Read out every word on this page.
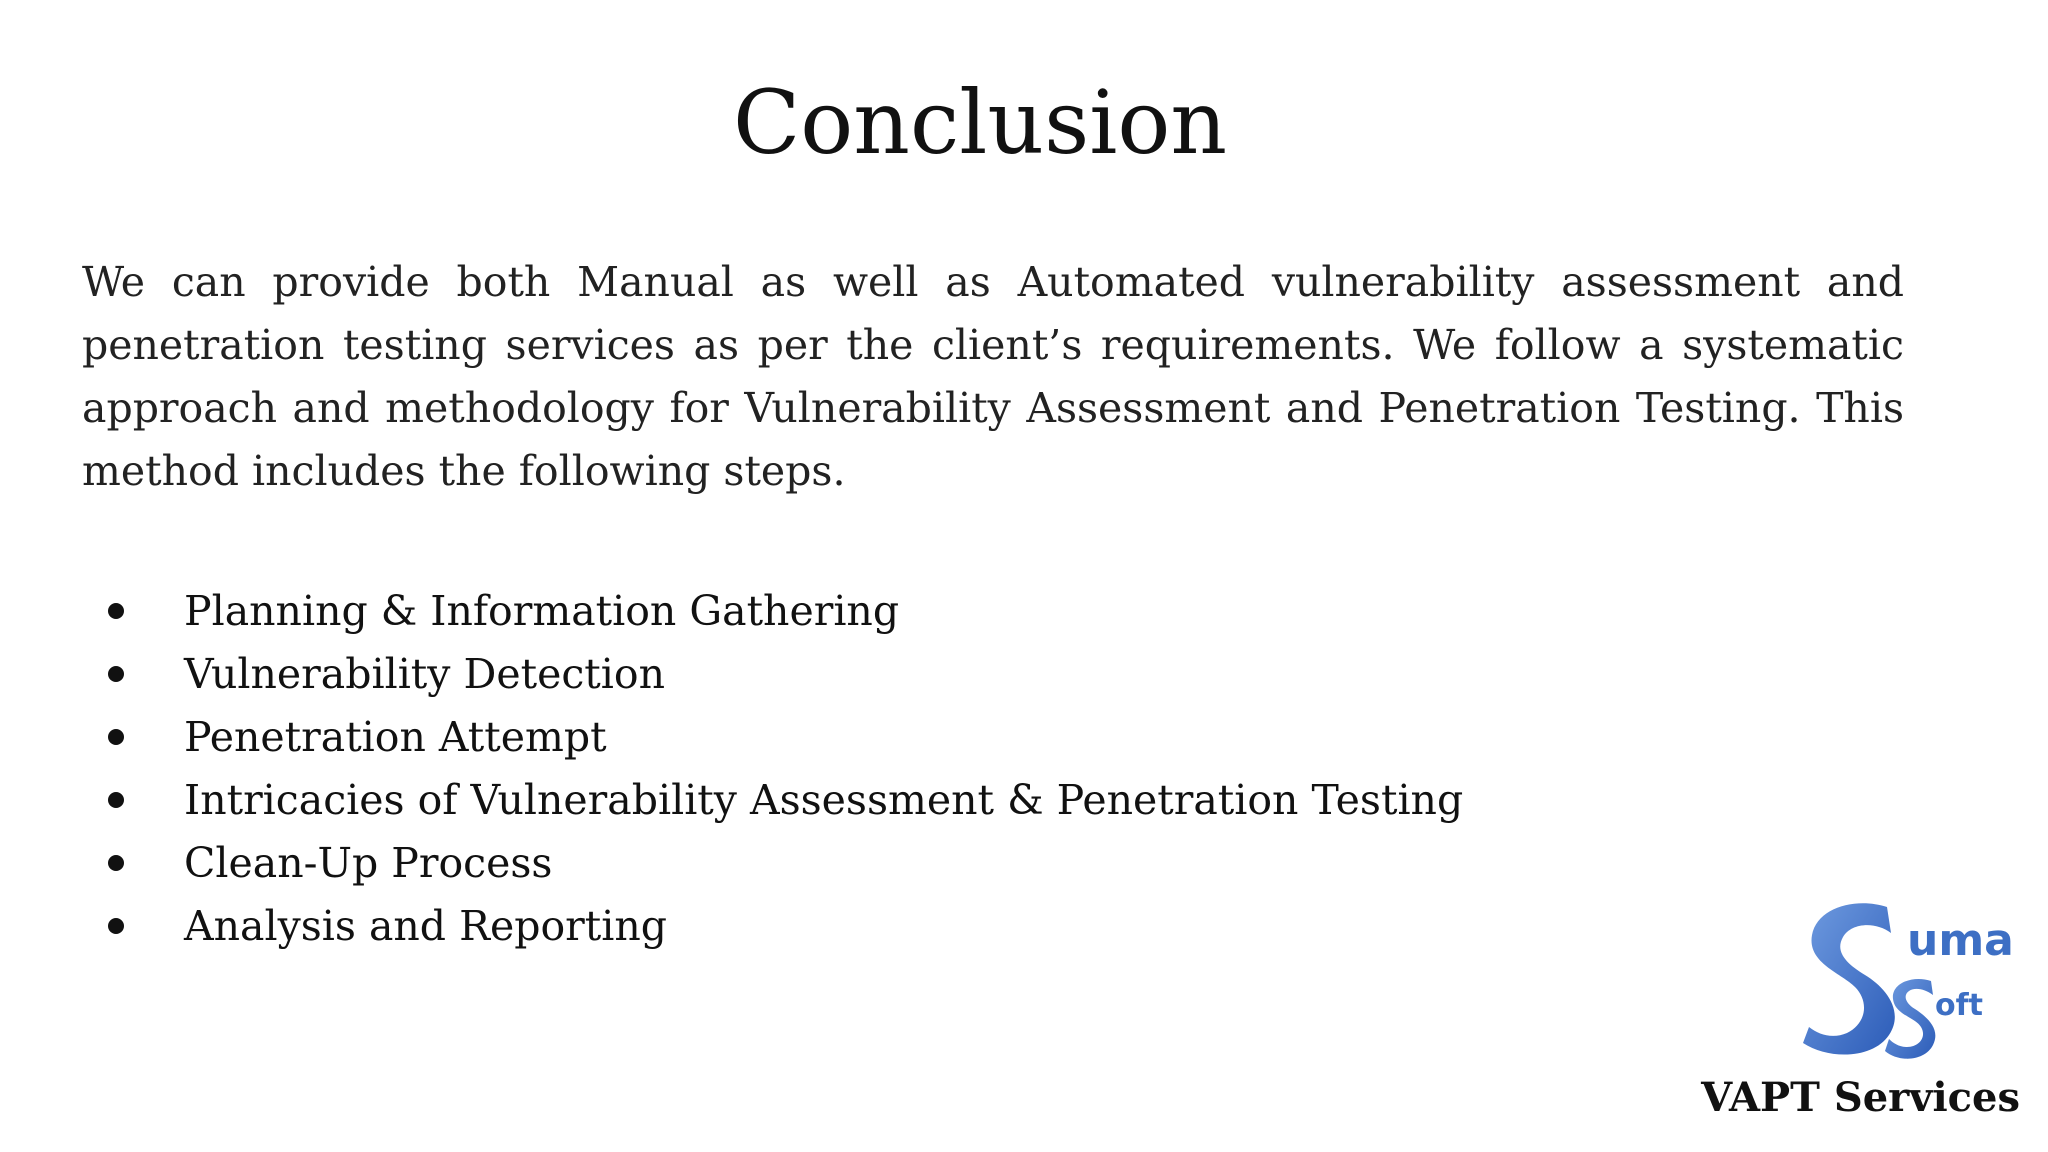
Conclusion

We can provide both Manual as well as Automated vulnerability assessment and penetration testing services as per the client’s requirements. We follow a systematic approach and methodology for Vulnerability Assessment and Penetration Testing. This method includes the following steps.

Planning & Information Gathering
Vulnerability Detection
Penetration Attempt
Intricacies of Vulnerability Assessment & Penetration Testing
Clean-Up Process
Analysis and Reporting	uma
oft

VAPT Services
